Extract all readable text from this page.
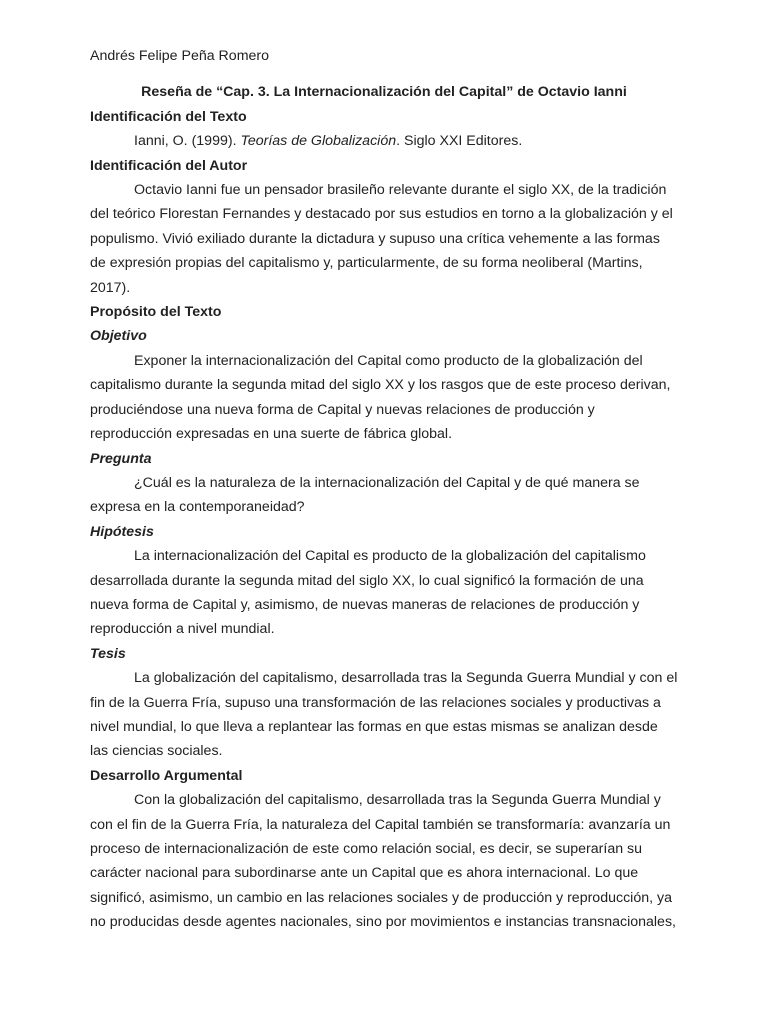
Andrés Felipe Peña Romero

Reseña de “Cap. 3. La Internacionalización del Capital” de Octavio Ianni

Identificación del Texto

Ianni, O. (1999). Teorías de Globalización. Siglo XXI Editores.

Identificación del Autor

Octavio Ianni fue un pensador brasileño relevante durante el siglo XX, de la tradición del teórico Florestan Fernandes y destacado por sus estudios en torno a la globalización y el populismo. Vivió exiliado durante la dictadura y supuso una crítica vehemente a las formas de expresión propias del capitalismo y, particularmente, de su forma neoliberal (Martins, 2017).

Propósito del Texto

Objetivo

Exponer la internacionalización del Capital como producto de la globalización del capitalismo durante la segunda mitad del siglo XX y los rasgos que de este proceso derivan, produciéndose una nueva forma de Capital y nuevas relaciones de producción y reproducción expresadas en una suerte de fábrica global.

Pregunta

¿Cuál es la naturaleza de la internacionalización del Capital y de qué manera se expresa en la contemporaneidad?

Hipótesis

La internacionalización del Capital es producto de la globalización del capitalismo desarrollada durante la segunda mitad del siglo XX, lo cual significó la formación de una nueva forma de Capital y, asimismo, de nuevas maneras de relaciones de producción y reproducción a nivel mundial.

Tesis

La globalización del capitalismo, desarrollada tras la Segunda Guerra Mundial y con el fin de la Guerra Fría, supuso una transformación de las relaciones sociales y productivas a nivel mundial, lo que lleva a replantear las formas en que estas mismas se analizan desde las ciencias sociales.

Desarrollo Argumental

Con la globalización del capitalismo, desarrollada tras la Segunda Guerra Mundial y con el fin de la Guerra Fría, la naturaleza del Capital también se transformaría: avanzaría un proceso de internacionalización de este como relación social, es decir, se superarían su carácter nacional para subordinarse ante un Capital que es ahora internacional. Lo que significó, asimismo, un cambio en las relaciones sociales y de producción y reproducción, ya no producidas desde agentes nacionales, sino por movimientos e instancias transnacionales,
